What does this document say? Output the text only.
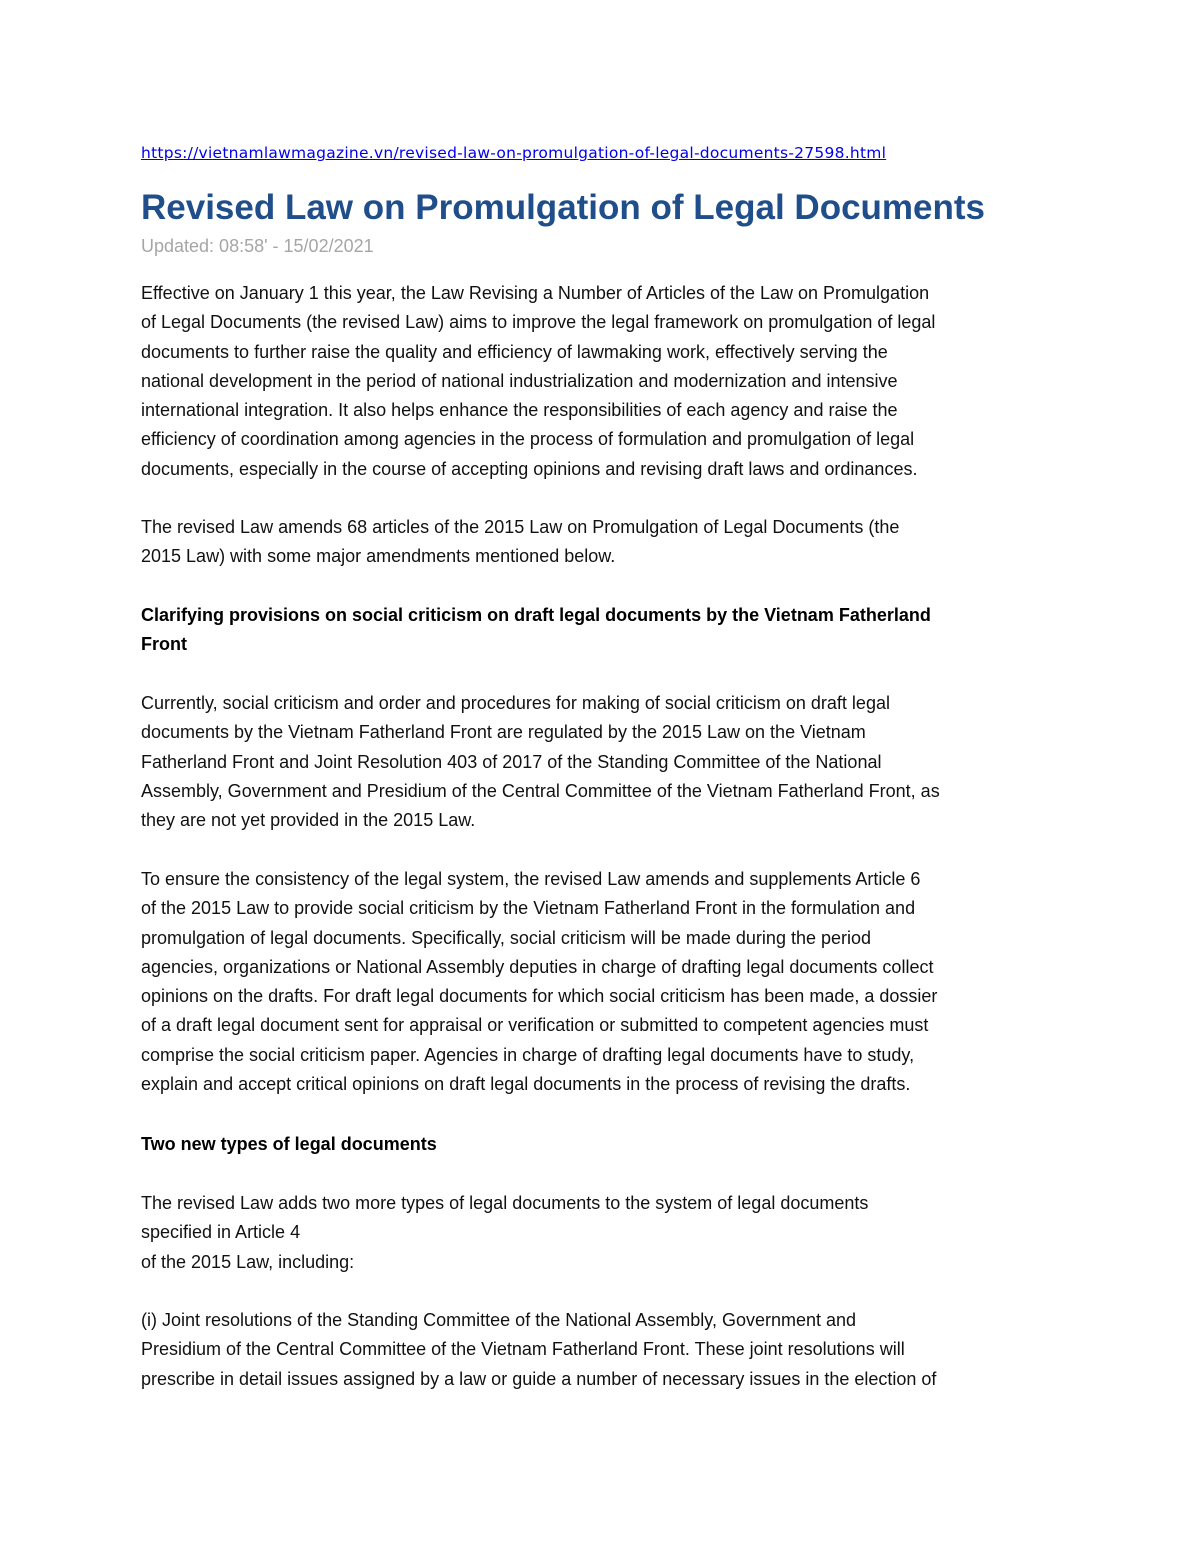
https://vietnamlawmagazine.vn/revised-law-on-promulgation-of-legal-documents-27598.html
Revised Law on Promulgation of Legal Documents
Updated: 08:58' - 15/02/2021

Effective on January 1 this year, the Law Revising a Number of Articles of the Law on Promulgation
of Legal Documents (the revised Law) aims to improve the legal framework on promulgation of legal
documents to further raise the quality and efficiency of lawmaking work, effectively serving the
national development in the period of national industrialization and modernization and intensive
international integration. It also helps enhance the responsibilities of each agency and raise the
efficiency of coordination among agencies in the process of formulation and promulgation of legal
documents, especially in the course of accepting opinions and revising draft laws and ordinances.

The revised Law amends 68 articles of the 2015 Law on Promulgation of Legal Documents (the
2015 Law) with some major amendments mentioned below.

Clarifying provisions on social criticism on draft legal documents by the Vietnam Fatherland
Front

Currently, social criticism and order and procedures for making of social criticism on draft legal
documents by the Vietnam Fatherland Front are regulated by the 2015 Law on the Vietnam
Fatherland Front and Joint Resolution 403 of 2017 of the Standing Committee of the National
Assembly, Government and Presidium of the Central Committee of the Vietnam Fatherland Front, as
they are not yet provided in the 2015 Law.

To ensure the consistency of the legal system, the revised Law amends and supplements Article 6
of the 2015 Law to provide social criticism by the Vietnam Fatherland Front in the formulation and
promulgation of legal documents. Specifically, social criticism will be made during the period
agencies, organizations or National Assembly deputies in charge of drafting legal documents collect
opinions on the drafts. For draft legal documents for which social criticism has been made, a dossier
of a draft legal document sent for appraisal or verification or submitted to competent agencies must
comprise the social criticism paper. Agencies in charge of drafting legal documents have to study,
explain and accept critical opinions on draft legal documents in the process of revising the drafts.

Two new types of legal documents

The revised Law adds two more types of legal documents to the system of legal documents
specified in Article 4
of the 2015 Law, including:

(i) Joint resolutions of the Standing Committee of the National Assembly, Government and
Presidium of the Central Committee of the Vietnam Fatherland Front. These joint resolutions will
prescribe in detail issues assigned by a law or guide a number of necessary issues in the election of
